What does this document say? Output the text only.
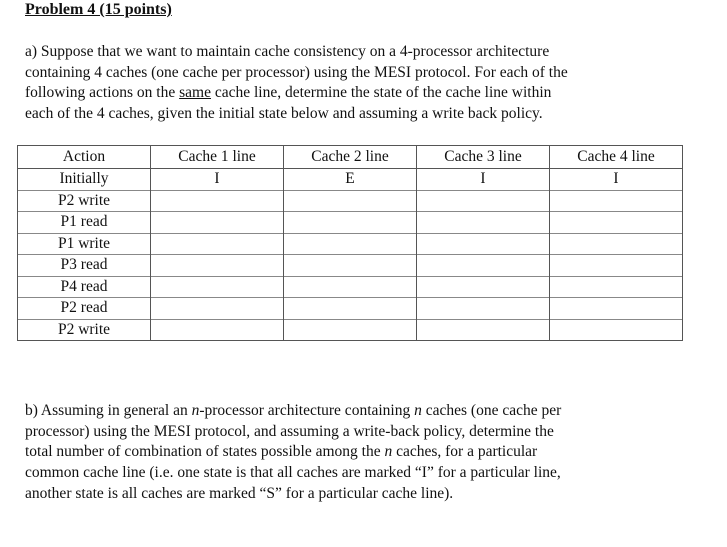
Problem 4 (15 points)
a) Suppose that we want to maintain cache consistency on a 4-processor architecture
containing 4 caches (one cache per processor) using the MESI protocol. For each of the
following actions on the same cache line, determine the state of the cache line within
each of the 4 caches, given the initial state below and assuming a write back policy.
Action	Cache 1 line	Cache 2 line	Cache 3 line	Cache 4 line
Initially	I	E	I	I
P2 write				
P1 read				
P1 write				
P3 read				
P4 read				
P2 read				
P2 write				
b) Assuming in general an n-processor architecture containing n caches (one cache per
processor) using the MESI protocol, and assuming a write-back policy, determine the
total number of combination of states possible among the n caches, for a particular
common cache line (i.e. one state is that all caches are marked “I” for a particular line,
another state is all caches are marked “S” for a particular cache line).
